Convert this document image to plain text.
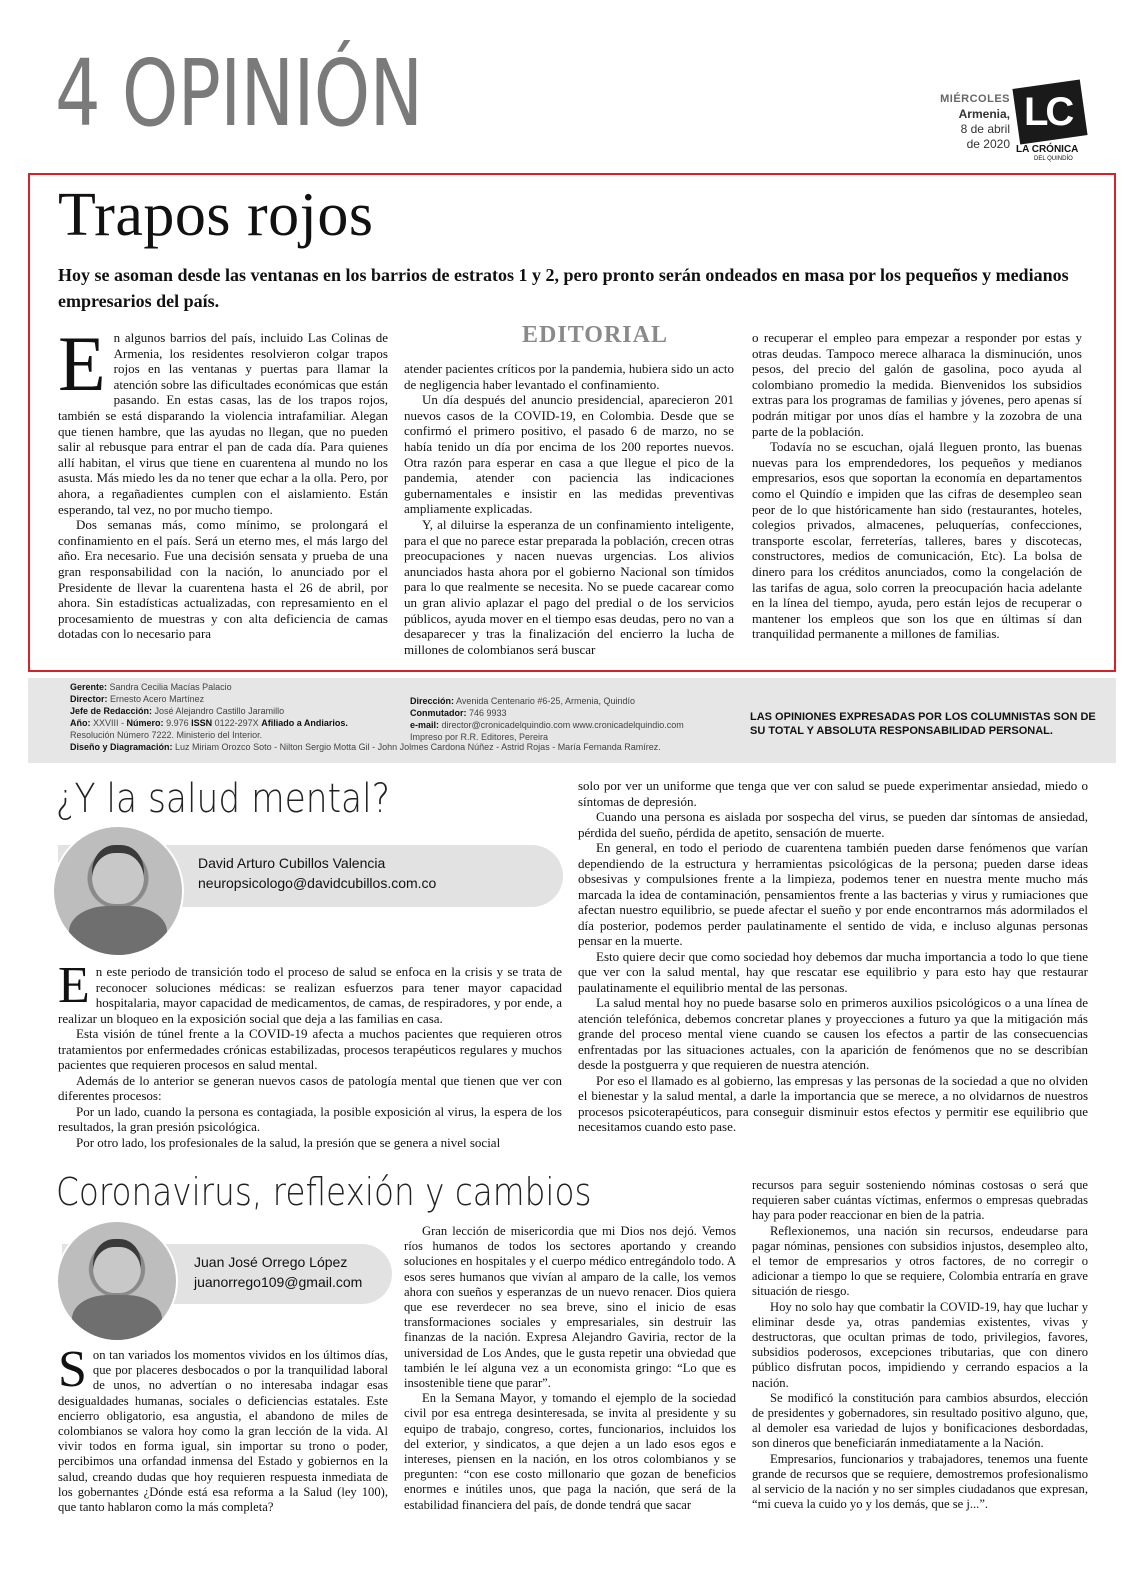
4 OPINIÓN	MIÉRCOLES
Armenia,
8 de abril
de 2020
LC
LA CRÓNICA
DEL QUINDÍO
Trapos rojos
Hoy se asoman desde las ventanas en los barrios de estratos 1 y 2, pero pronto serán ondeados en masa por los pequeños y medianos empresarios del país.

En algunos barrios del país, incluido Las Colinas de Armenia, los residentes resolvieron colgar trapos rojos en las ventanas y puertas para llamar la atención sobre las dificultades económicas que están pasando. En estas casas, las de los trapos rojos, también se está disparando la violencia intrafamiliar. Alegan que tienen hambre, que las ayudas no llegan, que no pueden salir al rebusque para entrar el pan de cada día. Para quienes allí habitan, el virus que tiene en cuarentena al mundo no los asusta. Más miedo les da no tener que echar a la olla. Pero, por ahora, a regañadientes cumplen con el aislamiento. Están esperando, tal vez, no por mucho tiempo.

Dos semanas más, como mínimo, se prolongará el confinamiento en el país. Será un eterno mes, el más largo del año. Era necesario. Fue una decisión sensata y prueba de una gran responsabilidad con la nación, lo anunciado por el Presidente de llevar la cuarentena hasta el 26 de abril, por ahora. Sin estadísticas actualizadas, con represamiento en el procesamiento de muestras y con alta deficiencia de camas dotadas con lo necesario para

EDITORIAL

atender pacientes críticos por la pandemia, hubiera sido un acto de negligencia haber levantado el confinamiento.

Un día después del anuncio presidencial, aparecieron 201 nuevos casos de la COVID-19, en Colombia. Desde que se confirmó el primero positivo, el pasado 6 de marzo, no se había tenido un día por encima de los 200 reportes nuevos. Otra razón para esperar en casa a que llegue el pico de la pandemia, atender con paciencia las indicaciones gubernamentales e insistir en las medidas preventivas ampliamente explicadas.

Y, al diluirse la esperanza de un confinamiento inteligente, para el que no parece estar preparada la población, crecen otras preocupaciones y nacen nuevas urgencias. Los alivios anunciados hasta ahora por el gobierno Nacional son tímidos para lo que realmente se necesita. No se puede cacarear como un gran alivio aplazar el pago del predial o de los servicios públicos, ayuda mover en el tiempo esas deudas, pero no van a desaparecer y tras la finalización del encierro la lucha de millones de colombianos será buscar

o recuperar el empleo para empezar a responder por estas y otras deudas. Tampoco merece alharaca la disminución, unos pesos, del precio del galón de gasolina, poco ayuda al colombiano promedio la medida. Bienvenidos los subsidios extras para los programas de familias y jóvenes, pero apenas sí podrán mitigar por unos días el hambre y la zozobra de una parte de la población.

Todavía no se escuchan, ojalá lleguen pronto, las buenas nuevas para los emprendedores, los pequeños y medianos empresarios, esos que soportan la economía en departamentos como el Quindío e impiden que las cifras de desempleo sean peor de lo que históricamente han sido (restaurantes, hoteles, colegios privados, almacenes, peluquerías, confecciones, transporte escolar, ferreterías, talleres, bares y discotecas, constructores, medios de comunicación, Etc). La bolsa de dinero para los créditos anunciados, como la congelación de las tarifas de agua, solo corren la preocupación hacia adelante en la línea del tiempo, ayuda, pero están lejos de recuperar o mantener los empleos que son los que en últimas sí dan tranquilidad permanente a millones de familias.

Gerente: Sandra Cecilia Macías Palacio
Director: Ernesto Acero Martínez
Jefe de Redacción: José Alejandro Castillo Jaramillo
Año: XXVIII - Número: 9.976 ISSN 0122-297X Afiliado a Andiarios.
Resolución Número 7222. Ministerio del Interior.
Diseño y Diagramación: Luz Miriam Orozco Soto - Nilton Sergio Motta Gil - John Jolmes Cardona Núñez - Astrid Rojas - María Fernanda Ramírez.
Dirección: Avenida Centenario #6-25, Armenia, Quindío
Conmutador: 746 9933
e-mail: director@cronicadelquindio.com www.cronicadelquindio.com
Impreso por R.R. Editores, Pereira
LAS OPINIONES EXPRESADAS POR LOS COLUMNISTAS SON DE SU TOTAL Y ABSOLUTA RESPONSABILIDAD PERSONAL.
¿Y la salud mental?
David Arturo Cubillos Valencia
neuropsicologo@davidcubillos.com.co

En este periodo de transición todo el proceso de salud se enfoca en la crisis y se trata de reconocer soluciones médicas: se realizan esfuerzos para tener mayor capacidad hospitalaria, mayor capacidad de medicamentos, de camas, de respiradores, y por ende, a realizar un bloqueo en la exposición social que deja a las familias en casa.

Esta visión de túnel frente a la COVID-19 afecta a muchos pacientes que requieren otros tratamientos por enfermedades crónicas estabilizadas, procesos terapéuticos regulares y muchos pacientes que requieren procesos en salud mental.

Además de lo anterior se generan nuevos casos de patología mental que tienen que ver con diferentes procesos:

Por un lado, cuando la persona es contagiada, la posible exposición al virus, la espera de los resultados, la gran presión psicológica.

Por otro lado, los profesionales de la salud, la presión que se genera a nivel social

solo por ver un uniforme que tenga que ver con salud se puede experimentar ansiedad, miedo o síntomas de depresión.

Cuando una persona es aislada por sospecha del virus, se pueden dar síntomas de ansiedad, pérdida del sueño, pérdida de apetito, sensación de muerte.

En general, en todo el periodo de cuarentena también pueden darse fenómenos que varían dependiendo de la estructura y herramientas psicológicas de la persona; pueden darse ideas obsesivas y compulsiones frente a la limpieza, podemos tener en nuestra mente mucho más marcada la idea de contaminación, pensamientos frente a las bacterias y virus y rumiaciones que afectan nuestro equilibrio, se puede afectar el sueño y por ende encontrarnos más adormilados el día posterior, podemos perder paulatinamente el sentido de vida, e incluso algunas personas pensar en la muerte.

Esto quiere decir que como sociedad hoy debemos dar mucha importancia a todo lo que tiene que ver con la salud mental, hay que rescatar ese equilibrio y para esto hay que restaurar paulatinamente el equilibrio mental de las personas.

La salud mental hoy no puede basarse solo en primeros auxilios psicológicos o a una línea de atención telefónica, debemos concretar planes y proyecciones a futuro ya que la mitigación más grande del proceso mental viene cuando se causen los efectos a partir de las consecuencias enfrentadas por las situaciones actuales, con la aparición de fenómenos que no se describían desde la postguerra y que requieren de nuestra atención.

Por eso el llamado es al gobierno, las empresas y las personas de la sociedad a que no olviden el bienestar y la salud mental, a darle la importancia que se merece, a no olvidarnos de nuestros procesos psicoterapéuticos, para conseguir disminuir estos efectos y permitir ese equilibrio que necesitamos cuando esto pase.

Coronavirus, reflexión y cambios
Juan José Orrego López
juanorrego109@gmail.com

Son tan variados los momentos vividos en los últimos días, que por placeres desbocados o por la tranquilidad laboral de unos, no advertían o no interesaba indagar esas desigualdades humanas, sociales o deficiencias estatales. Este encierro obligatorio, esa angustia, el abandono de miles de colombianos se valora hoy como la gran lección de la vida. Al vivir todos en forma igual, sin importar su trono o poder, percibimos una orfandad inmensa del Estado y gobiernos en la salud, creando dudas que hoy requieren respuesta inmediata de los gobernantes ¿Dónde está esa reforma a la Salud (ley 100), que tanto hablaron como la más completa?

Gran lección de misericordia que mi Dios nos dejó. Vemos ríos humanos de todos los sectores aportando y creando soluciones en hospitales y el cuerpo médico entregándolo todo. A esos seres humanos que vivían al amparo de la calle, los vemos ahora con sueños y esperanzas de un nuevo renacer. Dios quiera que ese reverdecer no sea breve, sino el inicio de esas transformaciones sociales y empresariales, sin destruir las finanzas de la nación. Expresa Alejandro Gaviria, rector de la universidad de Los Andes, que le gusta repetir una obviedad que también le leí alguna vez a un economista gringo: “Lo que es insostenible tiene que parar”.

En la Semana Mayor, y tomando el ejemplo de la sociedad civil por esa entrega desinteresada, se invita al presidente y su equipo de trabajo, congreso, cortes, funcionarios, incluidos los del exterior, y sindicatos, a que dejen a un lado esos egos e intereses, piensen en la nación, en los otros colombianos y se pregunten: “con ese costo millonario que gozan de beneficios enormes e inútiles unos, que paga la nación, que será de la estabilidad financiera del país, de donde tendrá que sacar

recursos para seguir sosteniendo nóminas costosas o será que requieren saber cuántas víctimas, enfermos o empresas quebradas hay para poder reaccionar en bien de la patria.

Reflexionemos, una nación sin recursos, endeudarse para pagar nóminas, pensiones con subsidios injustos, desempleo alto, el temor de empresarios y otros factores, de no corregir o adicionar a tiempo lo que se requiere, Colombia entraría en grave situación de riesgo.

Hoy no solo hay que combatir la COVID-19, hay que luchar y eliminar desde ya, otras pandemias existentes, vivas y destructoras, que ocultan primas de todo, privilegios, favores, subsidios poderosos, excepciones tributarias, que con dinero público disfrutan pocos, impidiendo y cerrando espacios a la nación.

Se modificó la constitución para cambios absurdos, elección de presidentes y gobernadores, sin resultado positivo alguno, que, al demoler esa variedad de lujos y bonificaciones desbordadas, son dineros que beneficiarán inmediatamente a la Nación.

Empresarios, funcionarios y trabajadores, tenemos una fuente grande de recursos que se requiere, demostremos profesionalismo al servicio de la nación y no ser simples ciudadanos que expresan, “mi cueva la cuido yo y los demás, que se j...”.
